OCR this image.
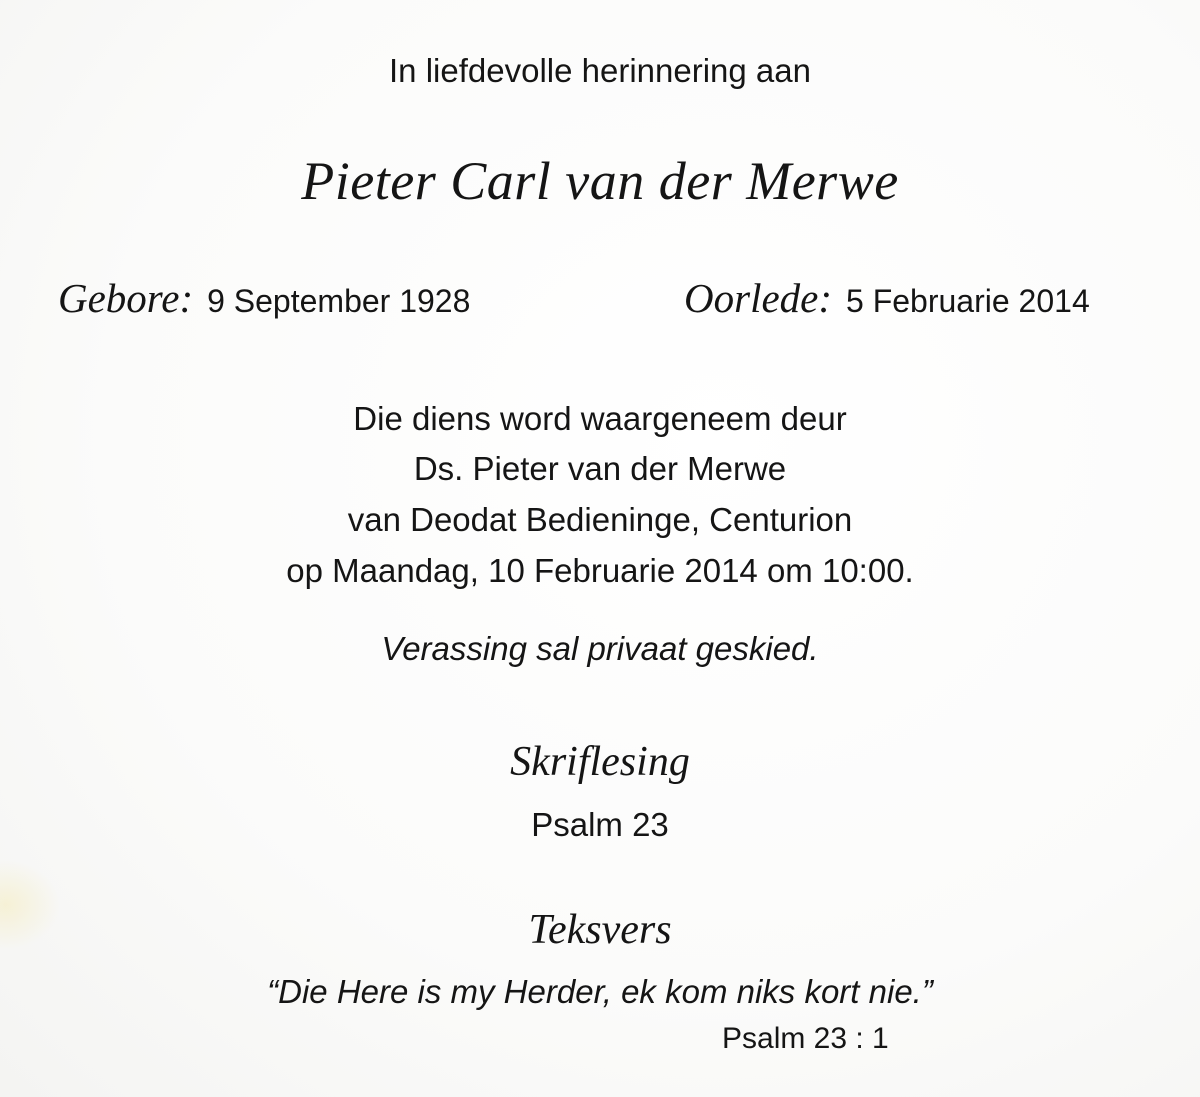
In liefdevolle herinnering aan
Pieter Carl van der Merwe
Gebore: 9 September 1928	Oorlede: 5 Februarie 2014
Die diens word waargeneem deur
Ds. Pieter van der Merwe
van Deodat Bedieninge, Centurion
op Maandag, 10 Februarie 2014 om 10:00.
Verassing sal privaat geskied.
Skriflesing
Psalm 23
Teksvers
“Die Here is my Herder, ek kom niks kort nie.”
Psalm 23 : 1
